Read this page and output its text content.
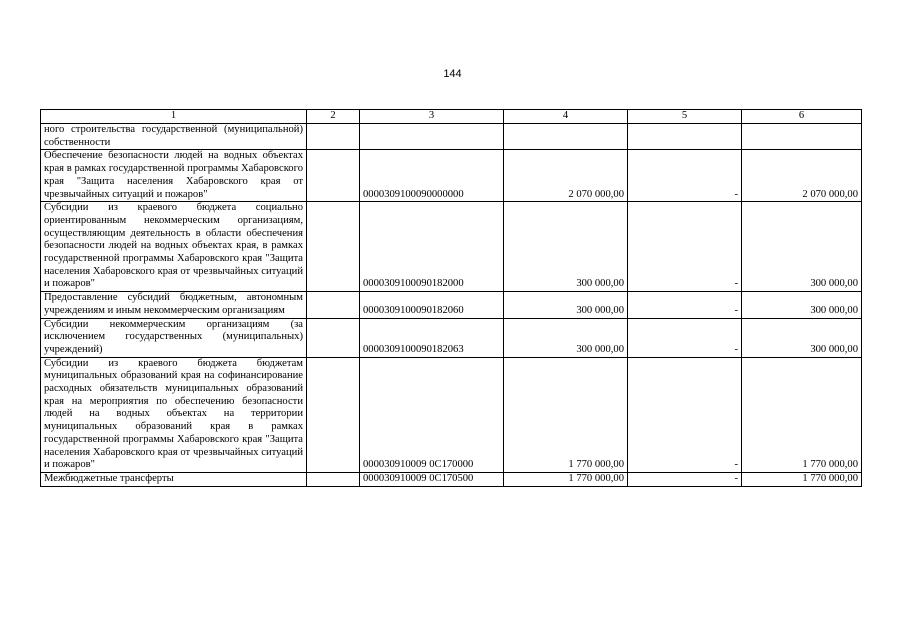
144
1	2	3	4	5	6
ного строительства государственной (муниципальной) собственности					
Обеспечение безопасности людей на водных объектах края в рамках государственной программы Хабаровского края "Защита населения Хабаровского края от чрезвычайных ситуаций и пожаров"		0000309100090000000	2 070 000,00	-	2 070 000,00
Субсидии из краевого бюджета социально ориентированным некоммерческим организациям, осуществляющим деятельность в области обеспечения безопасности людей на водных объектах края, в рамках государственной программы Хабаровского края "Защита населения Хабаровского края от чрезвычайных ситуаций и пожаров"		0000309100090182000	300 000,00	-	300 000,00
Предоставление субсидий бюджетным, автономным учреждениям и иным некоммерческим организациям		0000309100090182060	300 000,00	-	300 000,00
Субсидии некоммерческим организациям (за исключением государственных (муниципальных) учреждений)		0000309100090182063	300 000,00	-	300 000,00
Субсидии из краевого бюджета бюджетам муниципальных образований края на софинансирование расходных обязательств муниципальных образований края на мероприятия по обеспечению безопасности людей на водных объектах на территории муниципальных образований края в рамках государственной программы Хабаровского края "Защита населения Хабаровского края от чрезвычайных ситуаций и пожаров"		000030910009 0С170000	1 770 000,00	-	1 770 000,00
Межбюджетные трансферты		000030910009 0С170500	1 770 000,00	-	1 770 000,00
